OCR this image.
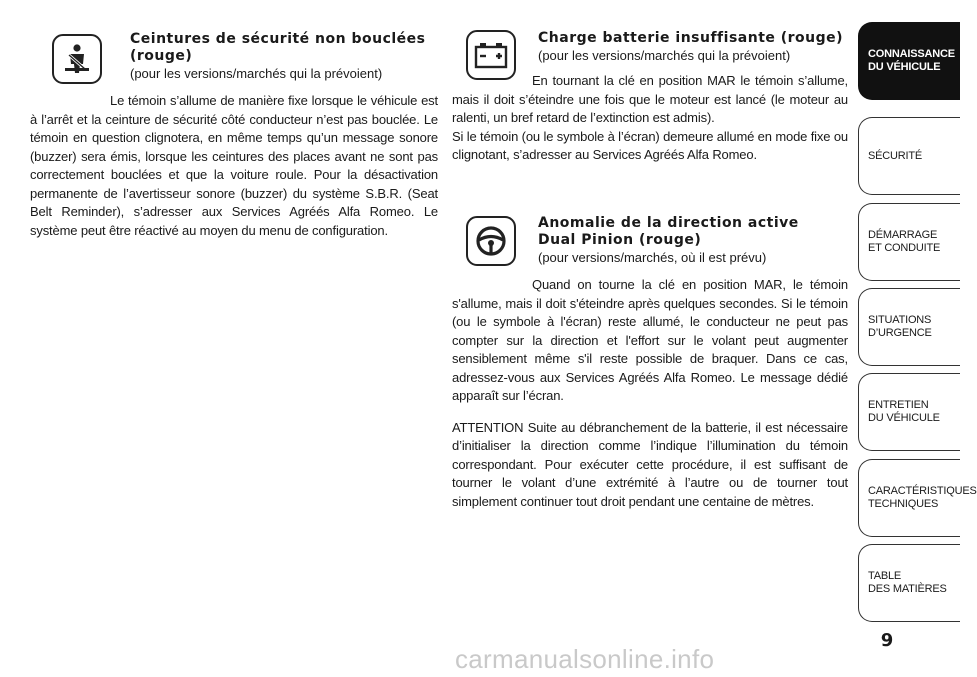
Ceintures de sécurité non bouclées (rouge)

(pour les versions/marchés qui la prévoient)

Le témoin s’allume de manière fixe lorsque le véhicule est à l’arrêt et la ceinture de sécurité côté conducteur n’est pas bouclée. Le témoin en question clignotera, en même temps qu’un message sonore (buzzer) sera émis, lorsque les ceintures des places avant ne sont pas correctement bouclées et que la voiture roule. Pour la désactivation permanente de l’avertisseur sonore (buzzer) du système S.B.R. (Seat Belt Reminder), s’adresser aux Services Agréés Alfa Romeo. Le système peut être réactivé au moyen du menu de configuration.

Charge batterie insuffisante (rouge)

(pour les versions/marchés qui la prévoient)

En tournant la clé en position MAR le témoin s’allume, mais il doit s’éteindre une fois que le moteur est lancé (le moteur au ralenti, un bref retard de l’extinction est admis).

Si le témoin (ou le symbole à l’écran) demeure allumé en mode fixe ou clignotant, s’adresser au Services Agréés Alfa Romeo.

Anomalie de la direction active Dual Pinion (rouge)

(pour versions/marchés, où il est prévu)

Quand on tourne la clé en position MAR, le témoin s'allume, mais il doit s'éteindre après quelques secondes. Si le témoin (ou le symbole à l'écran) reste allumé, le conducteur ne peut pas compter sur la direction et l'effort sur le volant peut augmenter sensiblement même s'il reste possible de braquer. Dans ce cas, adressez-vous aux Services Agréés Alfa Romeo. Le message dédié apparaît sur l’écran.

ATTENTION Suite au débranchement de la batterie, il est nécessaire d’initialiser la direction comme l’indique l’illumination du témoin correspondant. Pour exécuter cette procédure, il est suffisant de tourner le volant d’une extrémité à l’autre ou de tourner tout simplement continuer tout droit pendant une centaine de mètres.

CONNAISSANCE
DU VÉHICULE
SÉCURITÉ
DÉMARRAGE
ET CONDUITE
SITUATIONS
D’URGENCE
ENTRETIEN
DU VÉHICULE
CARACTÉRISTIQUES
TECHNIQUES
TABLE
DES MATIÈRES
9
carmanualsonline.info
